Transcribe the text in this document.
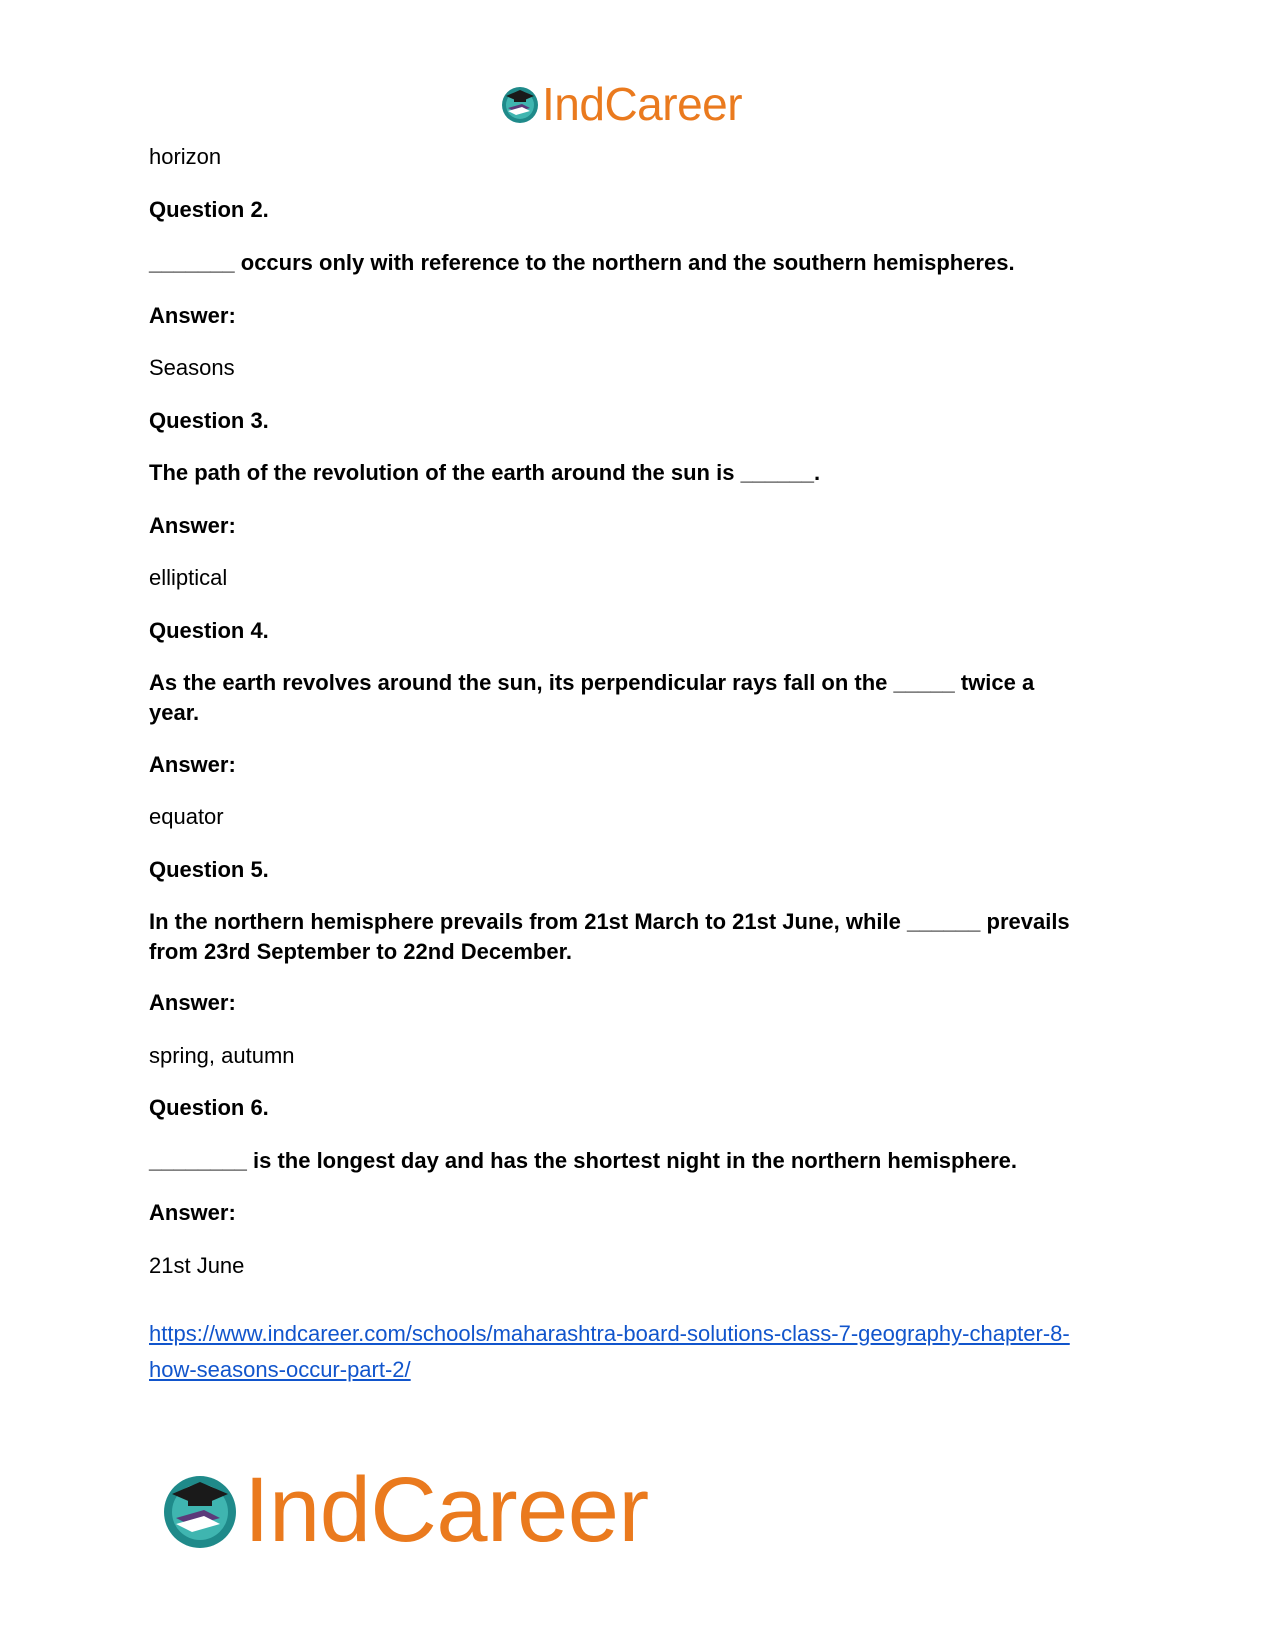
IndCareer
horizon
Question 2.
_______ occurs only with reference to the northern and the southern hemispheres.
Answer:
Seasons
Question 3.
The path of the revolution of the earth around the sun is ______.
Answer:
elliptical
Question 4.
As the earth revolves around the sun, its perpendicular rays fall on the _____ twice a year.
Answer:
equator
Question 5.
In the northern hemisphere prevails from 21st March to 21st June, while ______ prevails from 23rd September to 22nd December.
Answer:
spring, autumn
Question 6.
________ is the longest day and has the shortest night in the northern hemisphere.
Answer:
21st June
https://www.indcareer.com/schools/maharashtra-board-solutions-class-7-geography-chapter-8-how-seasons-occur-part-2/
IndCareer
